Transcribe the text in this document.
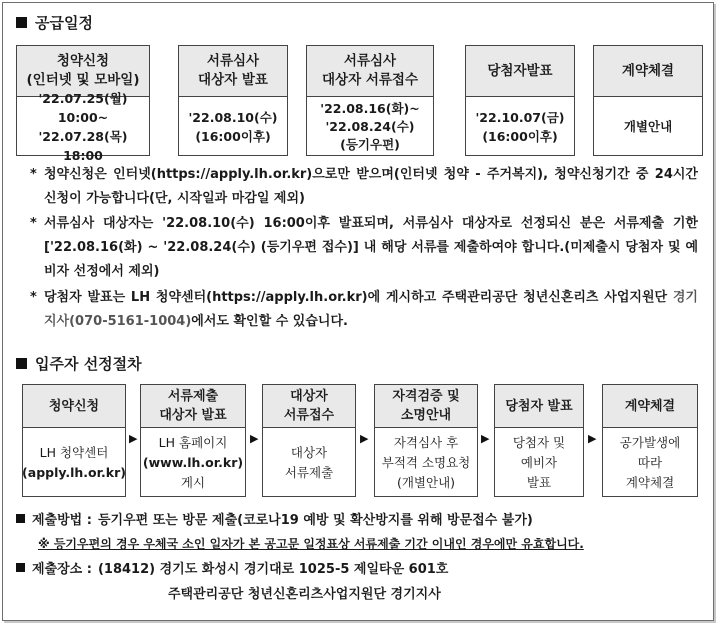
공급일정
청약신청
(인터넷 및 모바일)
'22.07.25(월) 10:00~
'22.07.28(목) 18:00
서류심사
대상자 발표
'22.08.10(수)
(16:00이후)
서류심사
대상자 서류접수
'22.08.16(화)~
'22.08.24(수)
(등기우편)
당첨자발표
'22.10.07(금)
(16:00이후)
계약체결
개별안내
* 청약신청은 인터넷(https://apply.lh.or.kr)으로만 받으며(인터넷 청약 - 주거복지), 청약신청기간 중 24시간 신청이 가능합니다(단, 시작일과 마감일 제외)
* 서류심사 대상자는 '22.08.10(수) 16:00이후 발표되며, 서류심사 대상자로 선정되신 분은 서류제출 기한['22.08.16(화) ~ '22.08.24(수) (등기우편 접수)] 내 해당 서류를 제출하여야 합니다.(미제출시 당첨자 및 예비자 선정에서 제외)
* 당첨자 발표는 LH 청약센터(https://apply.lh.or.kr)에 게시하고 주택관리공단 청년신혼리츠 사업지원단 경기지사(070-5161-1004)에서도 확인할 수 있습니다.
입주자 선정절차
청약신청
LH 청약센터
(apply.lh.or.kr)
▶
서류제출
대상자 발표
LH 홈페이지
(www.lh.or.kr)
게시
▶
대상자
서류접수
대상자
서류제출
▶
자격검증 및
소명안내
자격심사 후
부적격 소명요청
(개별안내)
▶
당첨자 발표
당첨자 및
예비자
발표
▶
계약체결
공가발생에
따라
계약체결
제출방법 : 등기우편 또는 방문 제출(코로나19 예방 및 확산방지를 위해 방문접수 불가)
※ 등기우편의 경우 우체국 소인 일자가 본 공고문 일정표상 서류제출 기간 이내인 경우에만 유효합니다.
제출장소 : (18412) 경기도 화성시 경기대로 1025-5 제일타운 601호
주택관리공단 청년신혼리츠사업지원단 경기지사
